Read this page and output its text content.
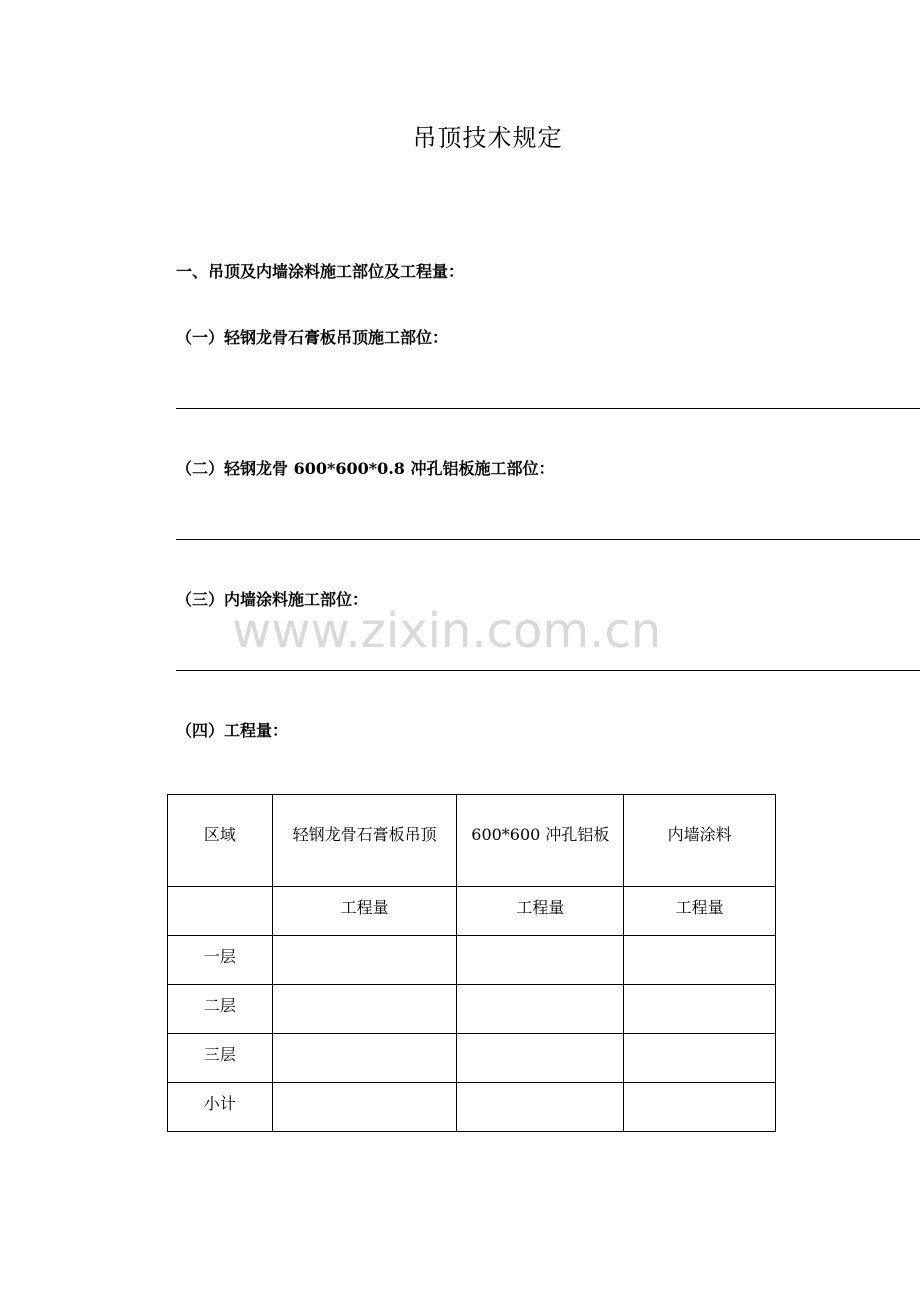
吊顶技术规定
一、吊顶及内墙涂料施工部位及工程量：
（一）轻钢龙骨石膏板吊顶施工部位：
（二）轻钢龙骨 600*600*0.8 冲孔铝板施工部位：
（三）内墙涂料施工部位：
www.zixin.com.cn
（四）工程量：
区域	轻钢龙骨石膏板吊顶	600*600 冲孔铝板	内墙涂料
	工程量	工程量	工程量
一层			
二层			
三层			
小计			
